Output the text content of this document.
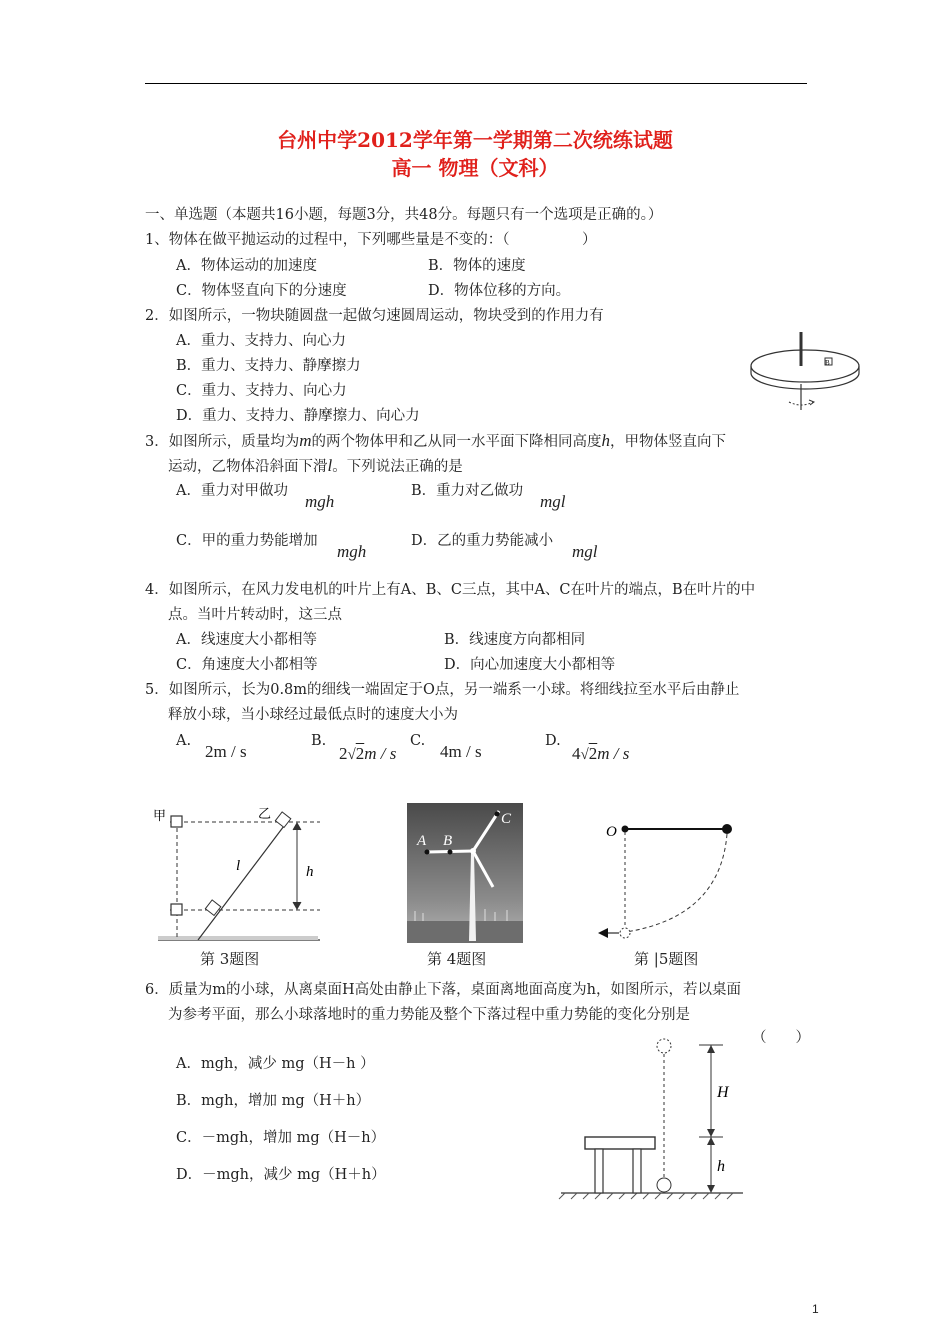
台州中学2012学年第一学期第二次统练试题
高一 物理（文科）
一、单选题（本题共16小题，每题3分，共48分。每题只有一个选项是正确的。）
1、物体在做平抛运动的过程中，下列哪些量是不变的：（　　　　　）
A．物体运动的加速度	B．物体的速度
C．物体竖直向下的分速度	D．物体位移的方向。
2．如图所示，一物块随圆盘一起做匀速圆周运动，物块受到的作用力有
A．重力、支持力、向心力
B．重力、支持力、静摩擦力
C．重力、支持力、向心力
D．重力、支持力、静摩擦力、向心力
B
3．如图所示，质量均为m的两个物体甲和乙从同一水平面下降相同高度h，甲物体竖直向下
运动，乙物体沿斜面下滑l。下列说法正确的是
A．重力对甲做功
mgh
B．重力对乙做功
mgl
C．甲的重力势能增加
mgh
D．乙的重力势能减小
mgl
4．如图所示，在风力发电机的叶片上有A、B、C三点，其中A、C在叶片的端点，B在叶片的中
点。当叶片转动时，这三点
A．线速度大小都相等	B．线速度方向都相同
C．角速度大小都相等	D．向心加速度大小都相等
5．如图所示，长为0.8m的细线一端固定于O点，另一端系一小球。将细线拉至水平后由静止
释放小球，当小球经过最低点时的速度大小为
A.
2m / s
B.
2√2m / s
C.
4m / s
D.
4√2m / s
甲	乙
l	h
第 3题图
A B
C
第 4题图
O
第 |5题图
6．质量为m的小球，从离桌面H高处由静止下落，桌面离地面高度为h，如图所示，若以桌面
为参考平面，那么小球落地时的重力势能及整个下落过程中重力势能的变化分别是
（　　）
A．mgh，减少 mg（H－h ）
B．mgh，增加 mg（H＋h）
C．－mgh，增加 mg（H－h）
D．－mgh，减少 mg（H＋h）
H
h
1
